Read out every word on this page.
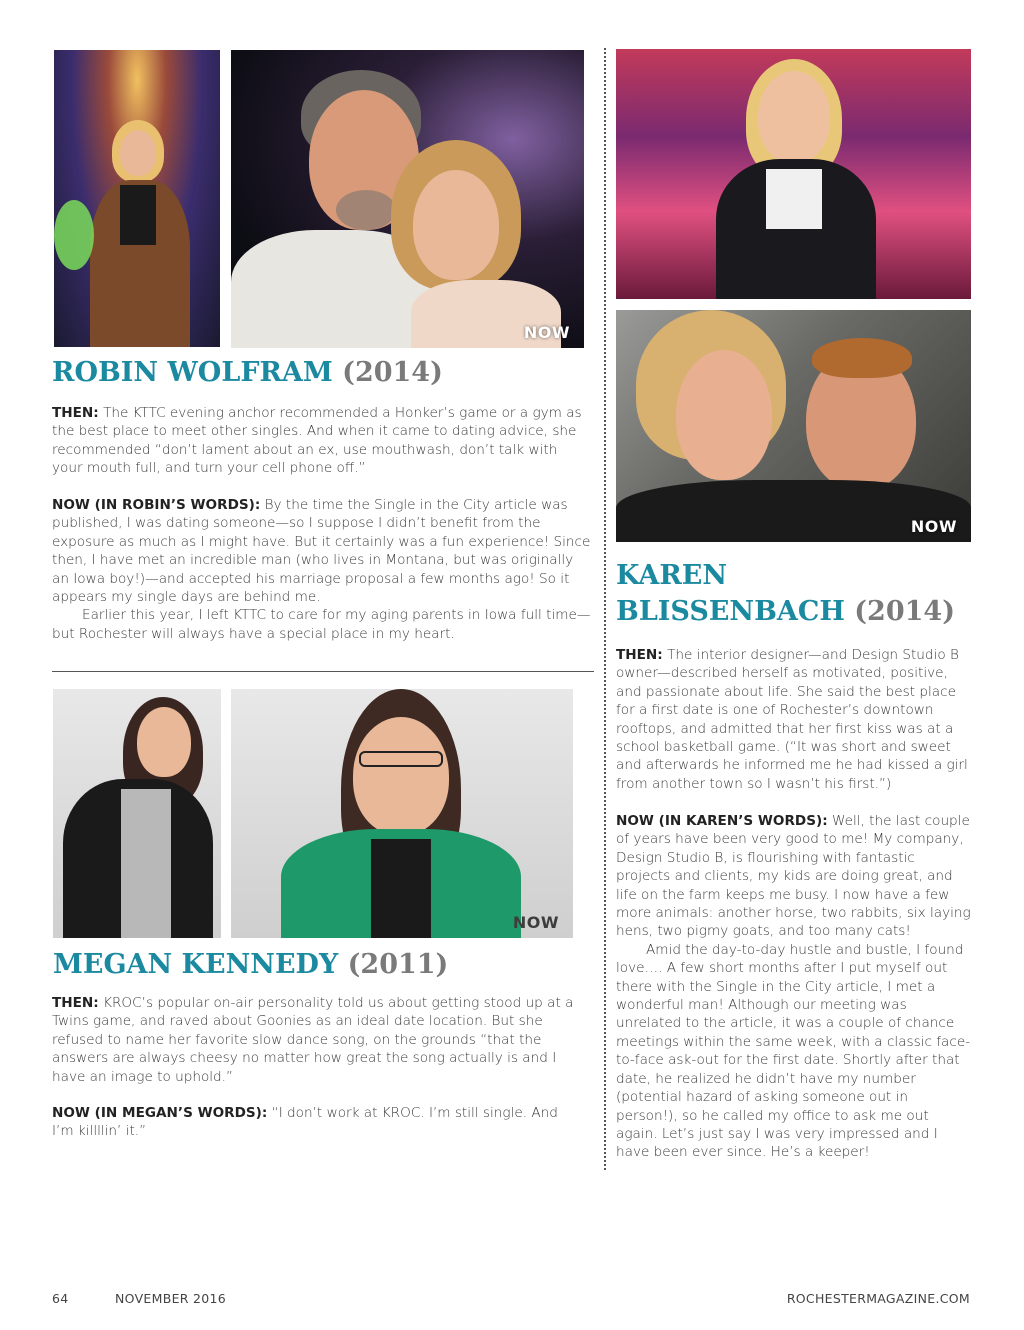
NOW
ROBIN WOLFRAM (2014)
THEN: The KTTC evening anchor recommended a Honker’s game or a gym as the best place to meet other singles. And when it came to dating advice, she recommended “don’t lament about an ex, use mouthwash, don’t talk with your mouth full, and turn your cell phone off.”
NOW (IN ROBIN’S WORDS): By the time the Single in the City article was published, I was dating someone—so I suppose I didn’t benefit from the exposure as much as I might have. But it certainly was a fun experience! Since then, I have met an incredible man (who lives in Montana, but was originally an Iowa boy!)—and accepted his marriage proposal a few months ago! So it appears my single days are behind me.
Earlier this year, I left KTTC to care for my aging parents in Iowa full time—but Rochester will always have a special place in my heart.
NOW
MEGAN KENNEDY (2011)
THEN: KROC’s popular on-air personality told us about getting stood up at a Twins game, and raved about Goonies as an ideal date location. But she refused to name her favorite slow dance song, on the grounds “that the answers are always cheesy no matter how great the song actually is and I have an image to uphold.”
NOW (IN MEGAN’S WORDS): “I don’t work at KROC. I’m still single. And I’m killllin’ it.”
NOW
KAREN
BLISSENBACH (2014)
THEN: The interior designer—and Design Studio B owner—described herself as motivated, positive, and passionate about life. She said the best place for a first date is one of Rochester’s downtown rooftops, and admitted that her first kiss was at a school basketball game. (“It was short and sweet and afterwards he informed me he had kissed a girl from another town so I wasn’t his first.”)
NOW (IN KAREN’S WORDS): Well, the last couple of years have been very good to me! My company, Design Studio B, is flourishing with fantastic projects and clients, my kids are doing great, and life on the farm keeps me busy. I now have a few more animals: another horse, two rabbits, six laying hens, two pigmy goats, and too many cats!
Amid the day-to-day hustle and bustle, I found love…. A few short months after I put myself out there with the Single in the City article, I met a wonderful man! Although our meeting was unrelated to the article, it was a couple of chance meetings within the same week, with a classic face-to-face ask-out for the first date. Shortly after that date, he realized he didn’t have my number (potential hazard of asking someone out in person!), so he called my office to ask me out again. Let’s just say I was very impressed and I have been ever since. He’s a keeper!
64	NOVEMBER 2016	ROCHESTERMAGAZINE.COM
